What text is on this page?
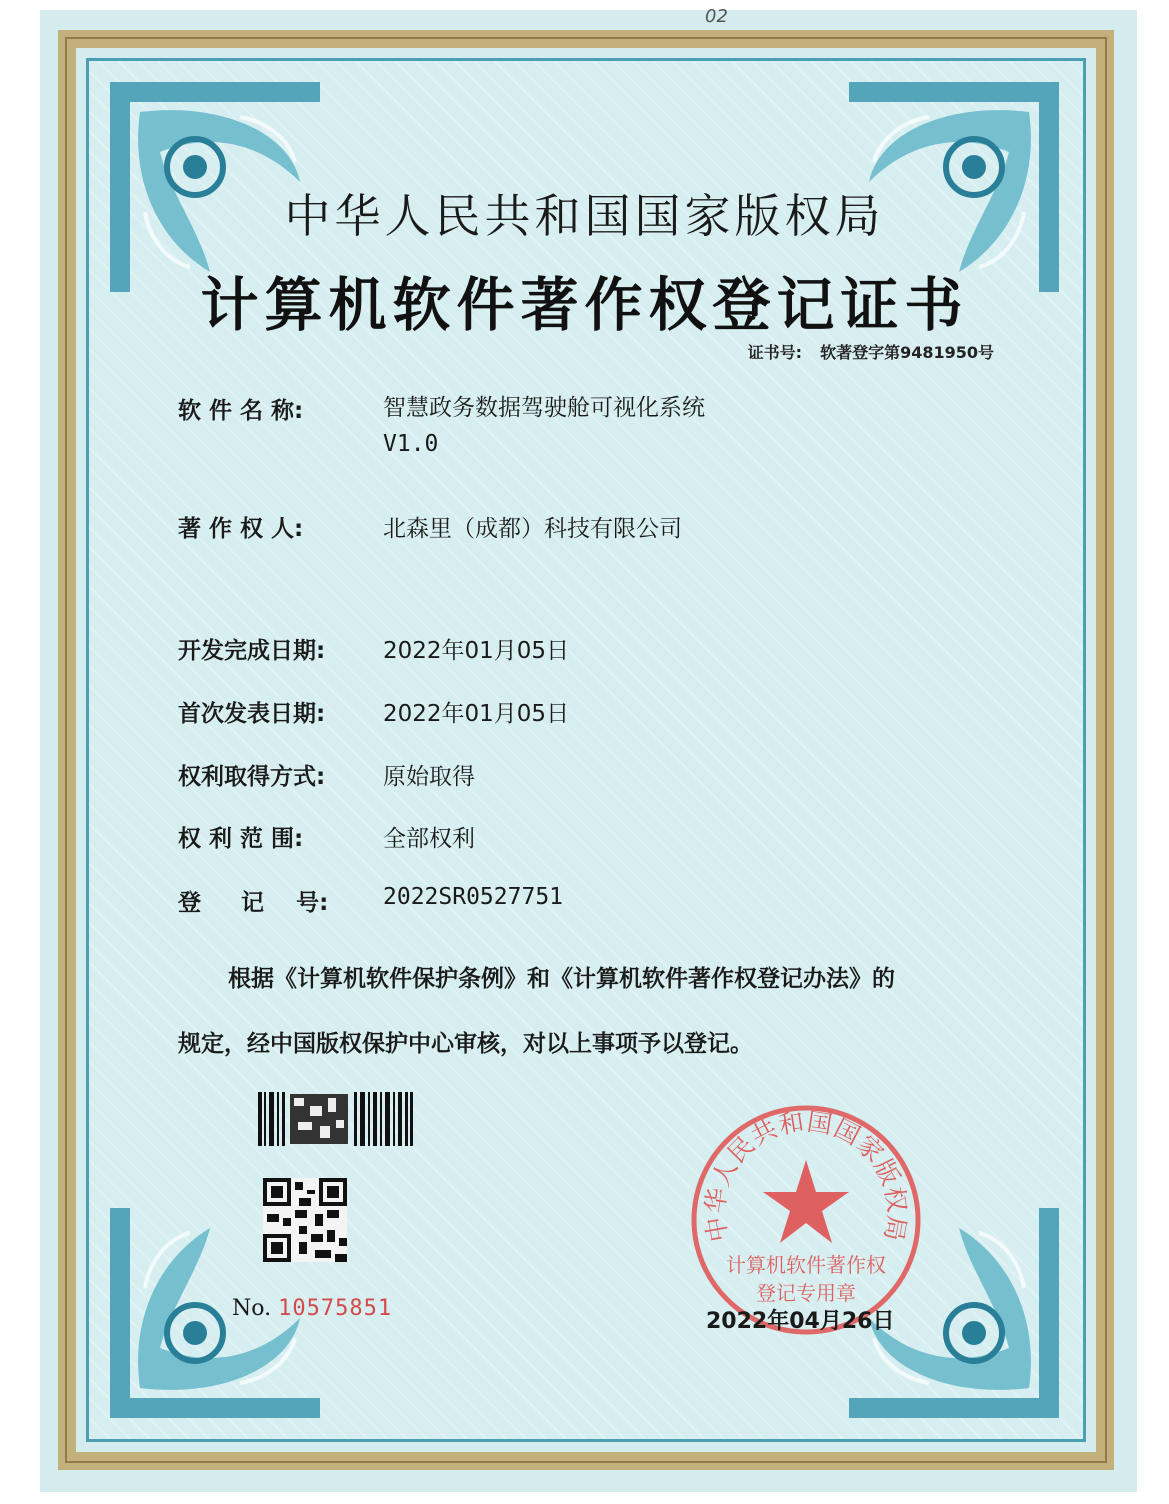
02
中华人民共和国国家版权局
计算机软件著作权登记证书
证书号: 软著登字第9481950号
软 件 名 称:	智慧政务数据驾驶舱可视化系统
V1.0
著 作 权 人:	北森里（成都）科技有限公司
开发完成日期:	2022年01月05日
首次发表日期:	2022年01月05日
权利取得方式:	原始取得
权 利 范 围:	全部权利
登     记    号:	2022SR0527751
根据《计算机软件保护条例》和《计算机软件著作权登记办法》的
规定，经中国版权保护中心审核，对以上事项予以登记。
No. 10575851
中华人民共和国国家版权局
计算机软件著作权
登记专用章
2022年04月26日
